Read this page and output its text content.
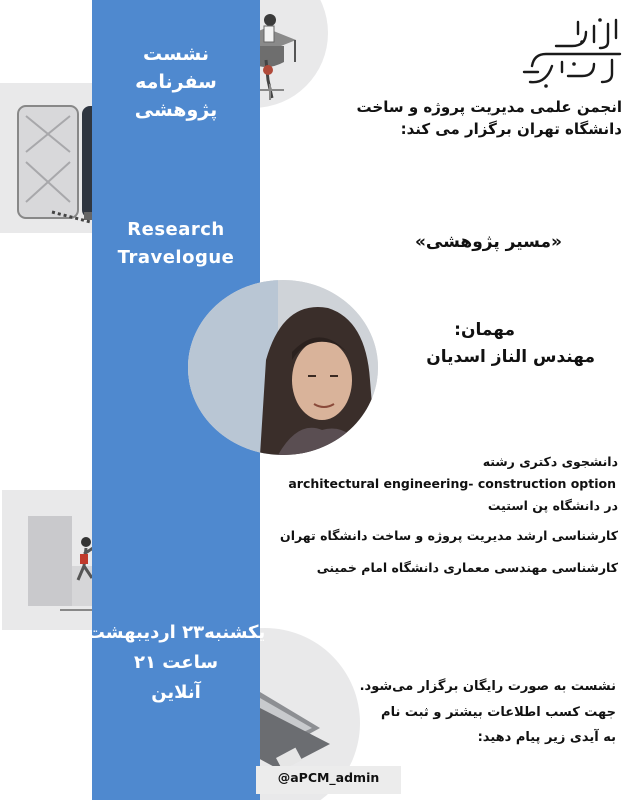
نشست
سفرنامه پژوهشی
Research
Travelogue
یکشنبه۲۳ اردیبهشت
ساعت ۲۱
آنلاین
انجمن علمی مدیریت پروژه و ساخت
دانشگاه تهران برگزار می کند:
«مسیر پژوهشی»
مهمان:
مهندس الناز اسدیان
دانشجوی دکتری رشته
architectural engineering- construction option
در دانشگاه پن استیت
کارشناسی ارشد مدیریت پروژه و ساخت دانشگاه تهران
کارشناسی مهندسی معماری دانشگاه امام خمینی
نشست به صورت رایگان برگزار می‌شود.
جهت کسب اطلاعات بیشتر و ثبت نام
به آیدی زیر پیام دهید:
@aPCM_admin
